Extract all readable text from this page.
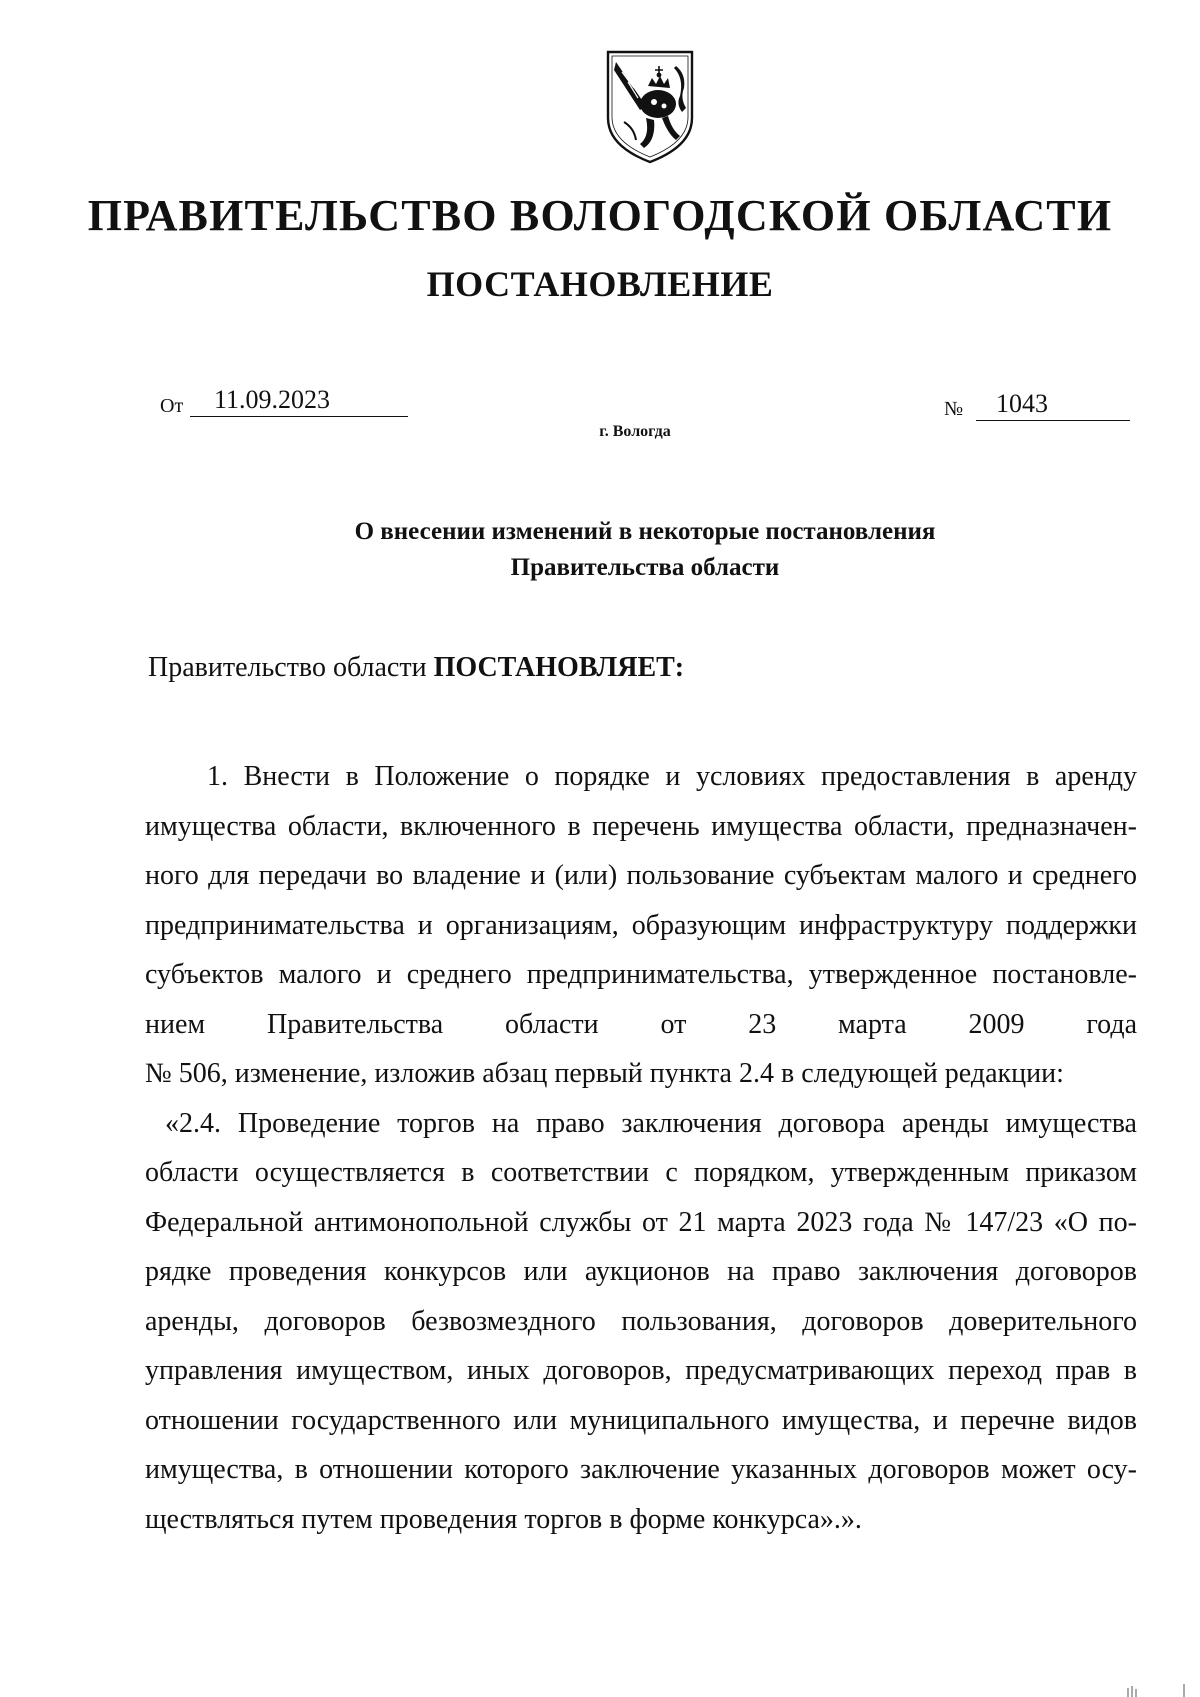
ПРАВИТЕЛЬСТВО ВОЛОГОДСКОЙ ОБЛАСТИ
ПОСТАНОВЛЕНИЕ
От	11.09.2023	№	1043
г. Вологда
О внесении изменений в некоторые постановления
Правительства области
Правительство области ПОСТАНОВЛЯЕТ:
1. Внести в Положение о порядке и условиях предоставления в аренду
имущества области, включенного в перечень имущества области, предназначен-
ного для передачи во владение и (или) пользование субъектам малого и среднего
предпринимательства и организациям, образующим инфраструктуру поддержки
субъектов малого и среднего предпринимательства, утвержденное постановле-
нием Правительства области от 23 марта 2009 года
№ 506, изменение, изложив абзац первый пункта 2.4 в следующей редакции:
«2.4. Проведение торгов на право заключения договора аренды имущества
области осуществляется в соответствии с порядком, утвержденным приказом
Федеральной антимонопольной службы от 21 марта 2023 года № 147/23 «О по-
рядке проведения конкурсов или аукционов на право заключения договоров
аренды, договоров безвозмездного пользования, договоров доверительного
управления имуществом, иных договоров, предусматривающих переход прав в
отношении государственного или муниципального имущества, и перечне видов
имущества, в отношении которого заключение указанных договоров может осу-
ществляться путем проведения торгов в форме конкурса».».
